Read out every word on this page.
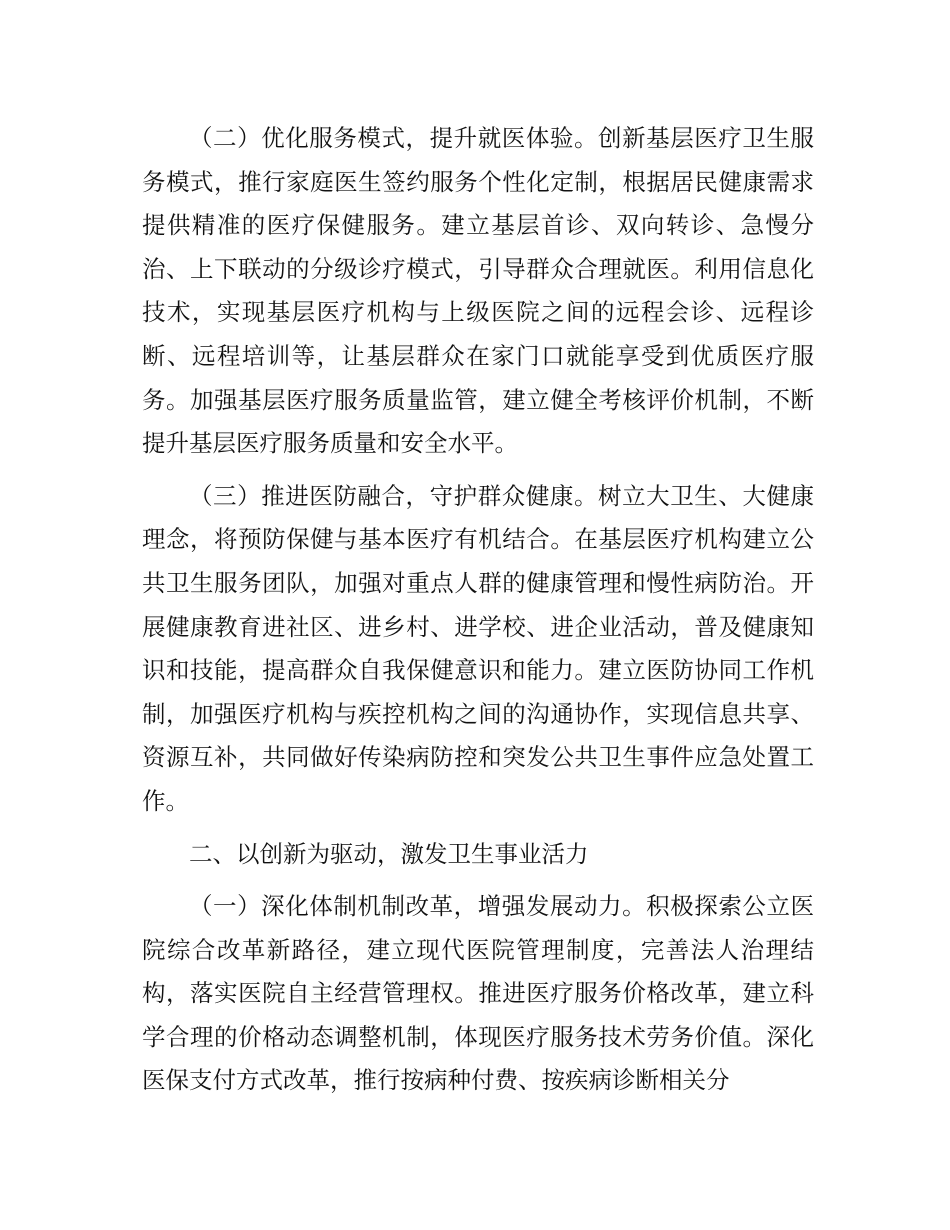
（二）优化服务模式，提升就医体验。创新基层医疗卫生服务模式，推行家庭医生签约服务个性化定制，根据居民健康需求提供精准的医疗保健服务。建立基层首诊、双向转诊、急慢分治、上下联动的分级诊疗模式，引导群众合理就医。利用信息化技术，实现基层医疗机构与上级医院之间的远程会诊、远程诊断、远程培训等，让基层群众在家门口就能享受到优质医疗服务。加强基层医疗服务质量监管，建立健全考核评价机制，不断提升基层医疗服务质量和安全水平。

（三）推进医防融合，守护群众健康。树立大卫生、大健康理念，将预防保健与基本医疗有机结合。在基层医疗机构建立公共卫生服务团队，加强对重点人群的健康管理和慢性病防治。开展健康教育进社区、进乡村、进学校、进企业活动，普及健康知识和技能，提高群众自我保健意识和能力。建立医防协同工作机制，加强医疗机构与疾控机构之间的沟通协作，实现信息共享、资源互补，共同做好传染病防控和突发公共卫生事件应急处置工作。

二、以创新为驱动，激发卫生事业活力

（一）深化体制机制改革，增强发展动力。积极探索公立医院综合改革新路径，建立现代医院管理制度，完善法人治理结构，落实医院自主经营管理权。推进医疗服务价格改革，建立科学合理的价格动态调整机制，体现医疗服务技术劳务价值。深化医保支付方式改革，推行按病种付费、按疾病诊断相关分
